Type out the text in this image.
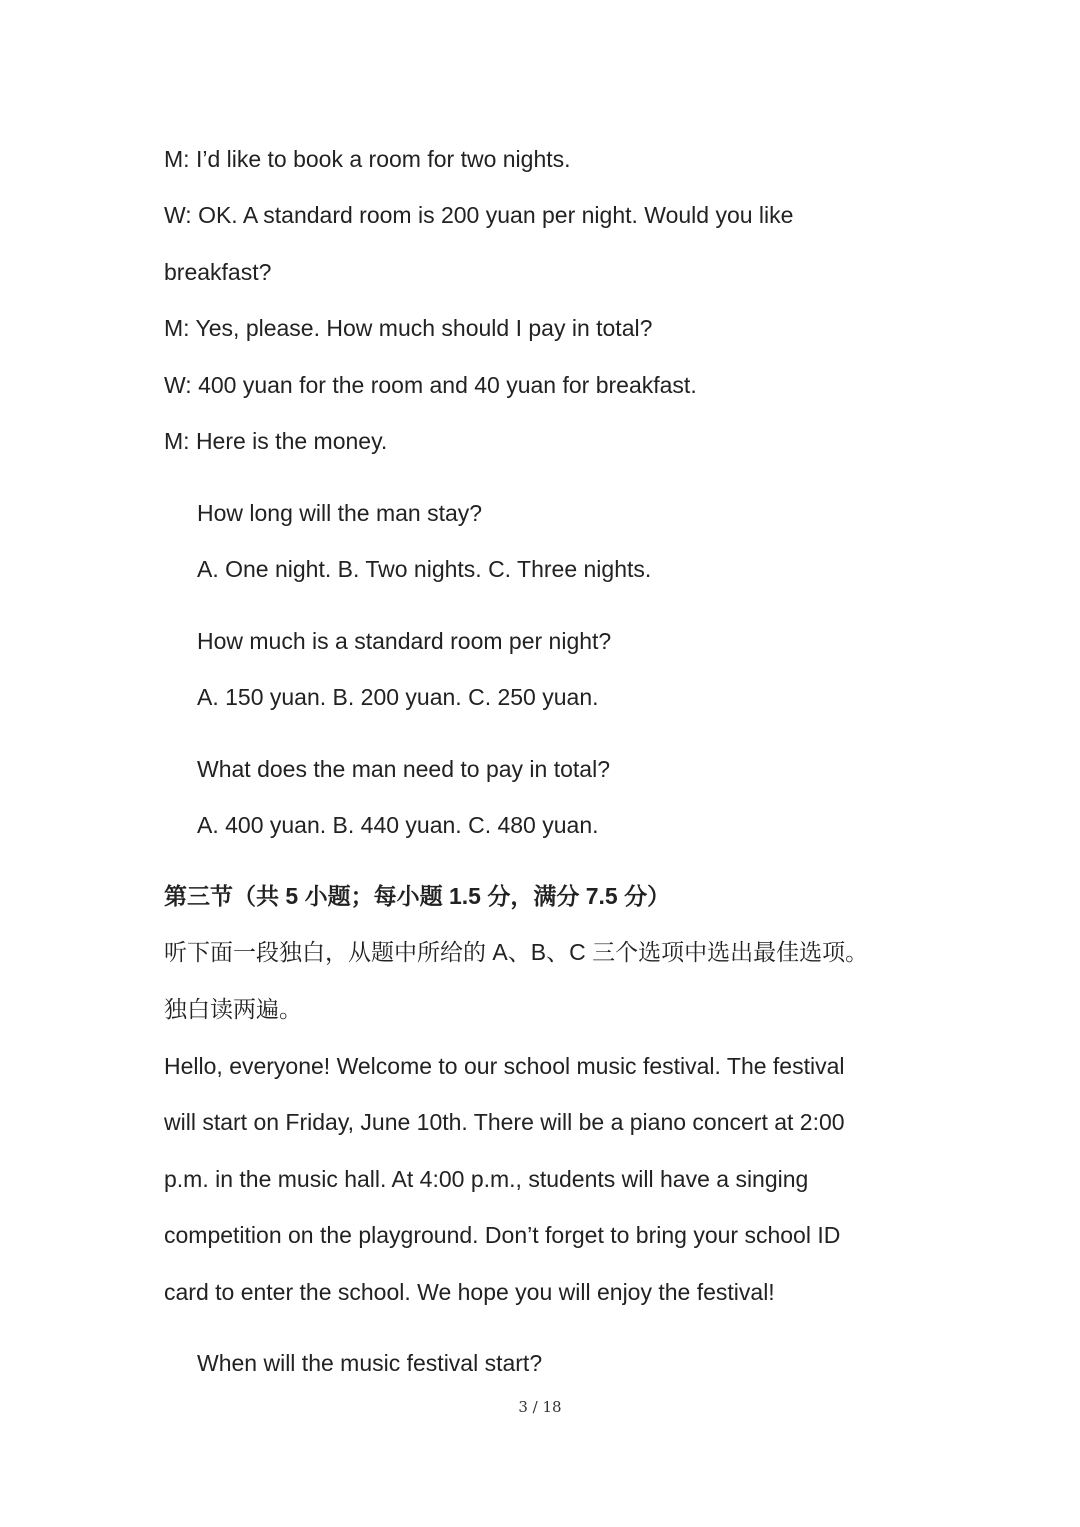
M: I’d like to book a room for two nights.

W: OK. A standard room is 200 yuan per night. Would you like

breakfast?

M: Yes, please. How much should I pay in total?

W: 400 yuan for the room and 40 yuan for breakfast.

M: Here is the money.

How long will the man stay?

A. One night. B. Two nights. C. Three nights.

How much is a standard room per night?

A. 150 yuan. B. 200 yuan. C. 250 yuan.

What does the man need to pay in total?

A. 400 yuan. B. 440 yuan. C. 480 yuan.

第三节（共 5 小题；每小题 1.5 分，满分 7.5 分）

听下面一段独白，从题中所给的 A、B、C 三个选项中选出最佳选项。

独白读两遍。

Hello, everyone! Welcome to our school music festival. The festival

will start on Friday, June 10th. There will be a piano concert at 2:00

p.m. in the music hall. At 4:00 p.m., students will have a singing

competition on the playground. Don’t forget to bring your school ID

card to enter the school. We hope you will enjoy the festival!

When will the music festival start?

3 / 18
